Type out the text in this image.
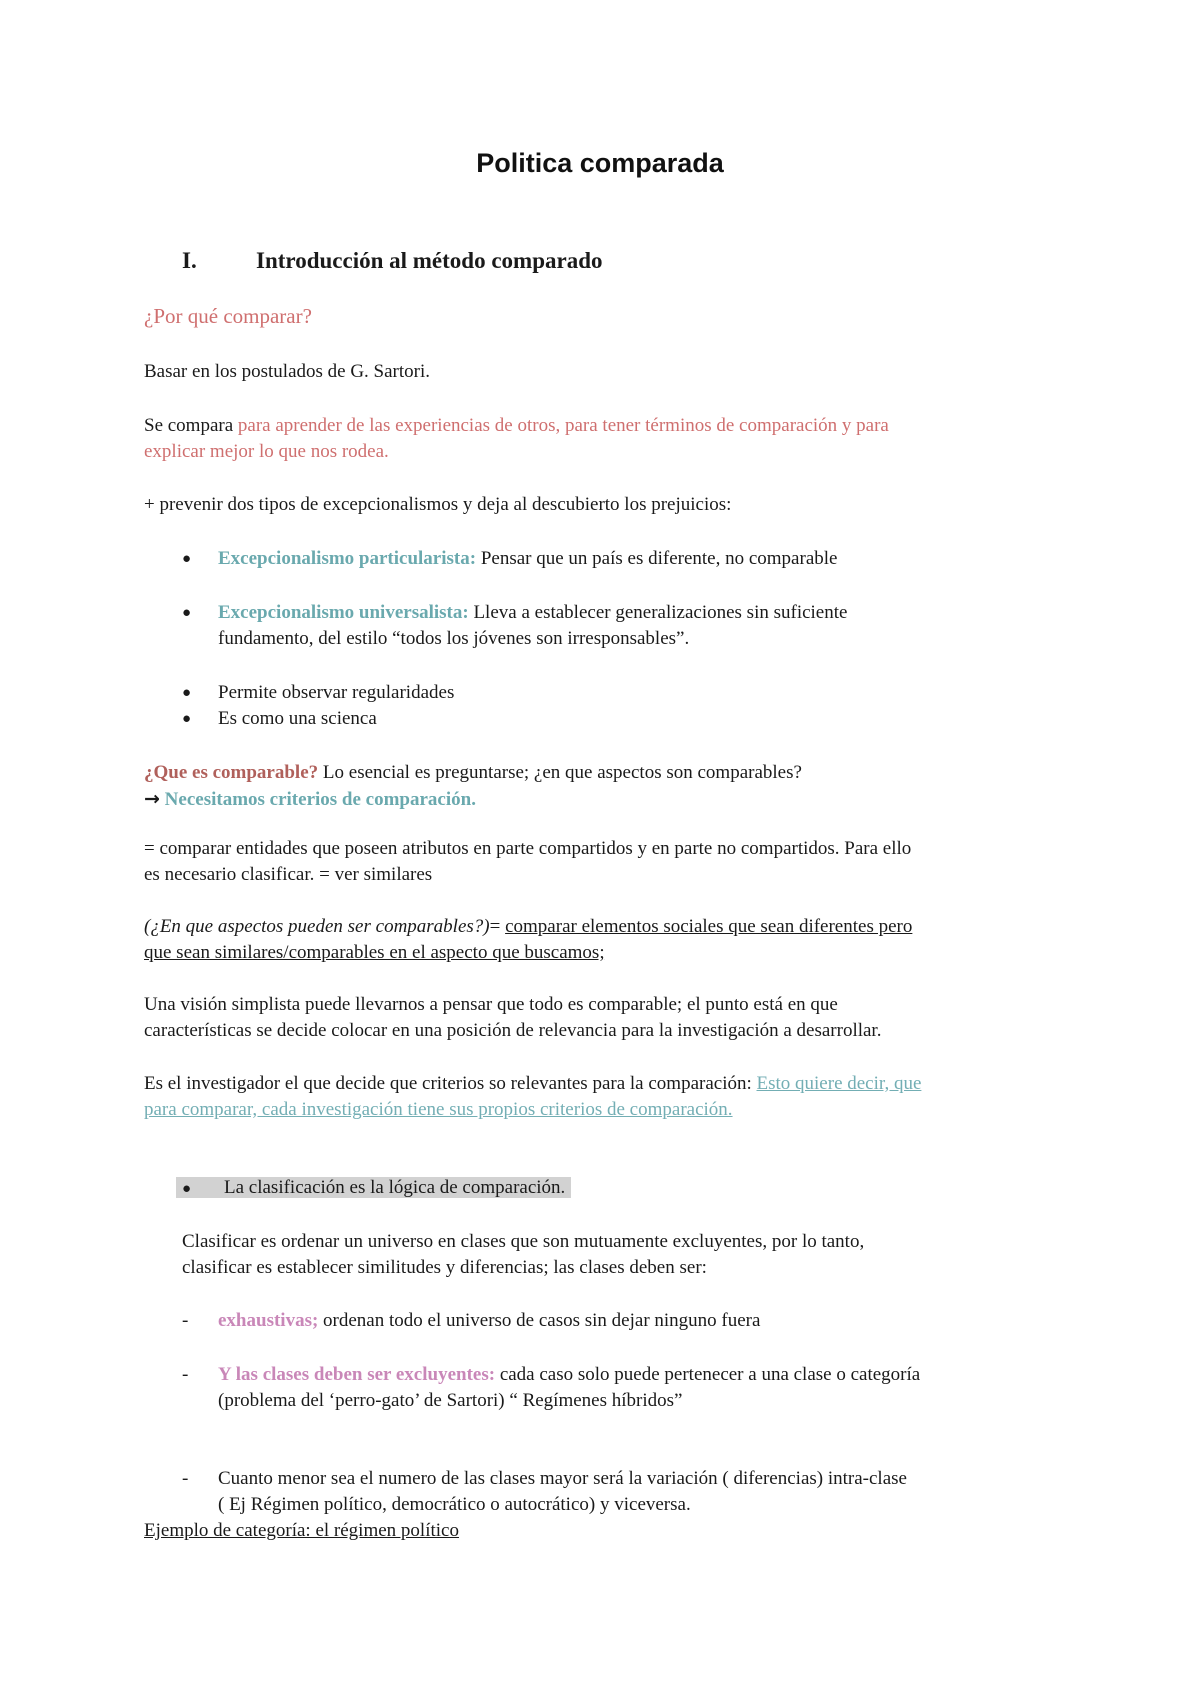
Politica comparada
I.	Introducción al método comparado
¿Por qué comparar?
Basar en los postulados de G. Sartori.
Se compara para aprender de las experiencias de otros, para tener términos de comparación y para
explicar mejor lo que nos rodea.
+ prevenir dos tipos de excepcionalismos y deja al descubierto los prejuicios:
● Excepcionalismo particularista: Pensar que un país es diferente, no comparable
● Excepcionalismo universalista: Lleva a establecer generalizaciones sin suficiente
fundamento, del estilo “todos los jóvenes son irresponsables”.
● Permite observar regularidades
● Es como una scienca
¿Que es comparable? Lo esencial es preguntarse; ¿en que aspectos son comparables?
→ Necesitamos criterios de comparación.
= comparar entidades que poseen atributos en parte compartidos y en parte no compartidos. Para ello
es necesario clasificar. = ver similares
(¿En que aspectos pueden ser comparables?)= comparar elementos sociales que sean diferentes pero
que sean similares/comparables en el aspecto que buscamos;
Una visión simplista puede llevarnos a pensar que todo es comparable; el punto está en que
características se decide colocar en una posición de relevancia para la investigación a desarrollar.
Es el investigador el que decide que criterios so relevantes para la comparación: Esto quiere decir, que
para comparar, cada investigación tiene sus propios criterios de comparación.
● La clasificación es la lógica de comparación.
Clasificar es ordenar un universo en clases que son mutuamente excluyentes, por lo tanto,
clasificar es establecer similitudes y diferencias; las clases deben ser:
- exhaustivas; ordenan todo el universo de casos sin dejar ninguno fuera
- Y las clases deben ser excluyentes: cada caso solo puede pertenecer a una clase o categoría
(problema del ‘perro-gato’ de Sartori) “ Regímenes híbridos”
- Cuanto menor sea el numero de las clases mayor será la variación ( diferencias) intra-clase
( Ej Régimen político, democrático o autocrático) y viceversa.
Ejemplo de categoría: el régimen político
